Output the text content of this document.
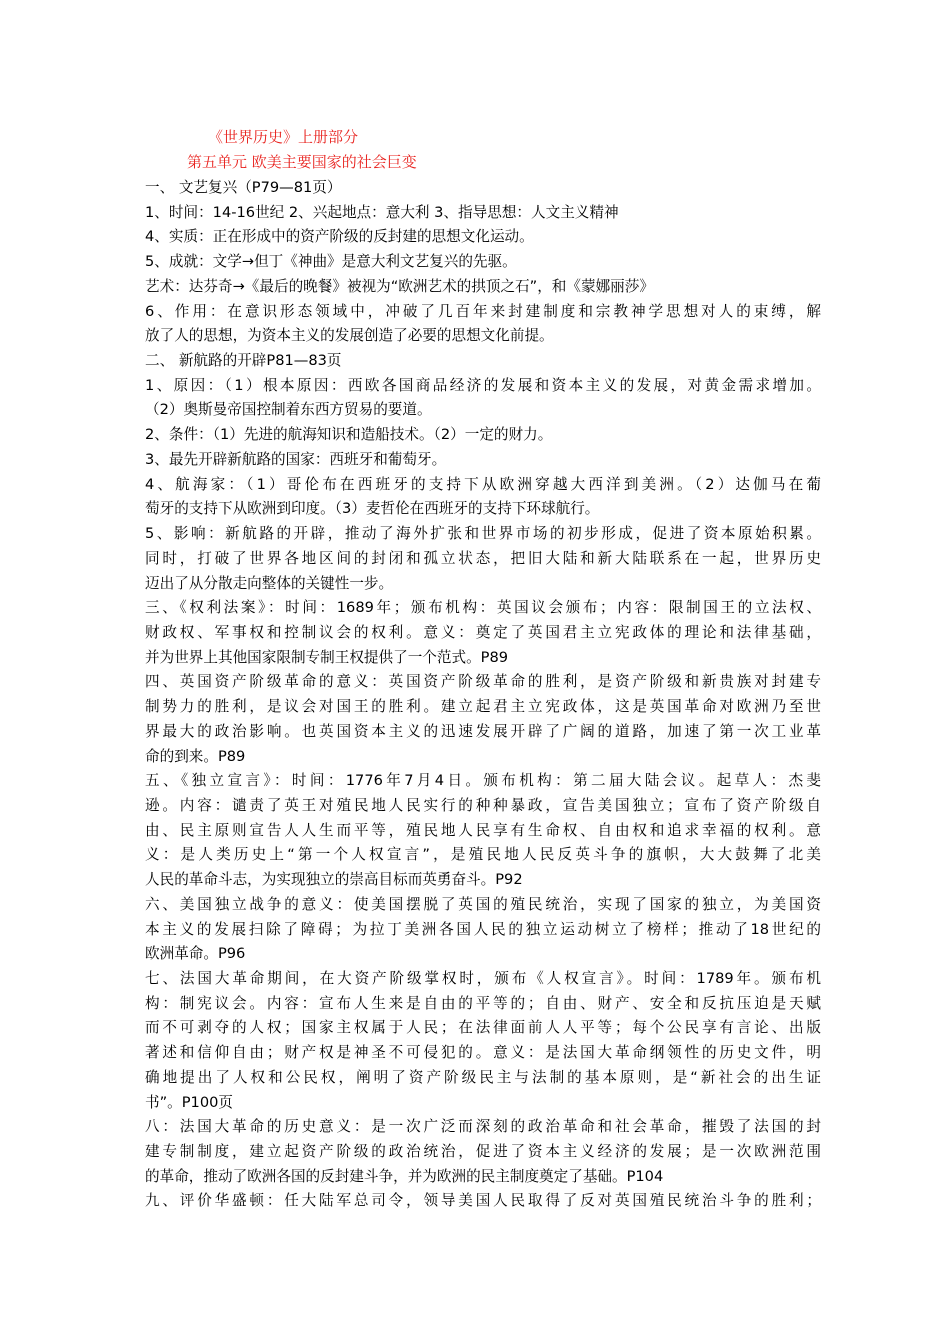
《世界历史》上册部分
第五单元 欧美主要国家的社会巨变
一、 文艺复兴（P79—81页）
1、时间：14-16世纪 2、兴起地点：意大利 3、指导思想：人文主义精神
4、实质：正在形成中的资产阶级的反封建的思想文化运动。
5、成就：文学→但丁《神曲》是意大利文艺复兴的先驱。
艺术：达芬奇→《最后的晚餐》被视为“欧洲艺术的拱顶之石”，和《蒙娜丽莎》
6、作用：在意识形态领域中，冲破了几百年来封建制度和宗教神学思想对人的束缚，解
放了人的思想，为资本主义的发展创造了必要的思想文化前提。
二、 新航路的开辟P81—83页
1、原因：（1）根本原因：西欧各国商品经济的发展和资本主义的发展，对黄金需求增加。
（2）奥斯曼帝国控制着东西方贸易的要道。
2、条件：（1）先进的航海知识和造船技术。（2）一定的财力。
3、最先开辟新航路的国家：西班牙和葡萄牙。
4、航海家：（1）哥伦布在西班牙的支持下从欧洲穿越大西洋到美洲。（2）达伽马在葡
萄牙的支持下从欧洲到印度。（3）麦哲伦在西班牙的支持下环球航行。
5、影响：新航路的开辟，推动了海外扩张和世界市场的初步形成，促进了资本原始积累。
同时，打破了世界各地区间的封闭和孤立状态，把旧大陆和新大陆联系在一起，世界历史
迈出了从分散走向整体的关键性一步。
三、《权利法案》：时间：1689年；颁布机构：英国议会颁布；内容：限制国王的立法权、
财政权、军事权和控制议会的权利。意义：奠定了英国君主立宪政体的理论和法律基础，
并为世界上其他国家限制专制王权提供了一个范式。P89
四、英国资产阶级革命的意义：英国资产阶级革命的胜利，是资产阶级和新贵族对封建专
制势力的胜利，是议会对国王的胜利。建立起君主立宪政体，这是英国革命对欧洲乃至世
界最大的政治影响。也英国资本主义的迅速发展开辟了广阔的道路，加速了第一次工业革
命的到来。P89
五、《独立宣言》：时间：1776年7月4日。颁布机构：第二届大陆会议。起草人：杰斐
逊。内容：谴责了英王对殖民地人民实行的种种暴政，宣告美国独立；宣布了资产阶级自
由、民主原则宣告人人生而平等，殖民地人民享有生命权、自由权和追求幸福的权利。意
义：是人类历史上“第一个人权宣言”，是殖民地人民反英斗争的旗帜，大大鼓舞了北美
人民的革命斗志，为实现独立的崇高目标而英勇奋斗。P92
六、美国独立战争的意义：使美国摆脱了英国的殖民统治，实现了国家的独立，为美国资
本主义的发展扫除了障碍；为拉丁美洲各国人民的独立运动树立了榜样；推动了18世纪的
欧洲革命。P96
七、法国大革命期间，在大资产阶级掌权时，颁布《人权宣言》。时间：1789年。颁布机
构：制宪议会。内容：宣布人生来是自由的平等的；自由、财产、安全和反抗压迫是天赋
而不可剥夺的人权；国家主权属于人民；在法律面前人人平等；每个公民享有言论、出版
著述和信仰自由；财产权是神圣不可侵犯的。意义：是法国大革命纲领性的历史文件，明
确地提出了人权和公民权，阐明了资产阶级民主与法制的基本原则，是“新社会的出生证
书”。P100页
八：法国大革命的历史意义：是一次广泛而深刻的政治革命和社会革命，摧毁了法国的封
建专制制度，建立起资产阶级的政治统治，促进了资本主义经济的发展；是一次欧洲范围
的革命，推动了欧洲各国的反封建斗争，并为欧洲的民主制度奠定了基础。P104
九、评价华盛顿：任大陆军总司令，领导美国人民取得了反对英国殖民统治斗争的胜利；
